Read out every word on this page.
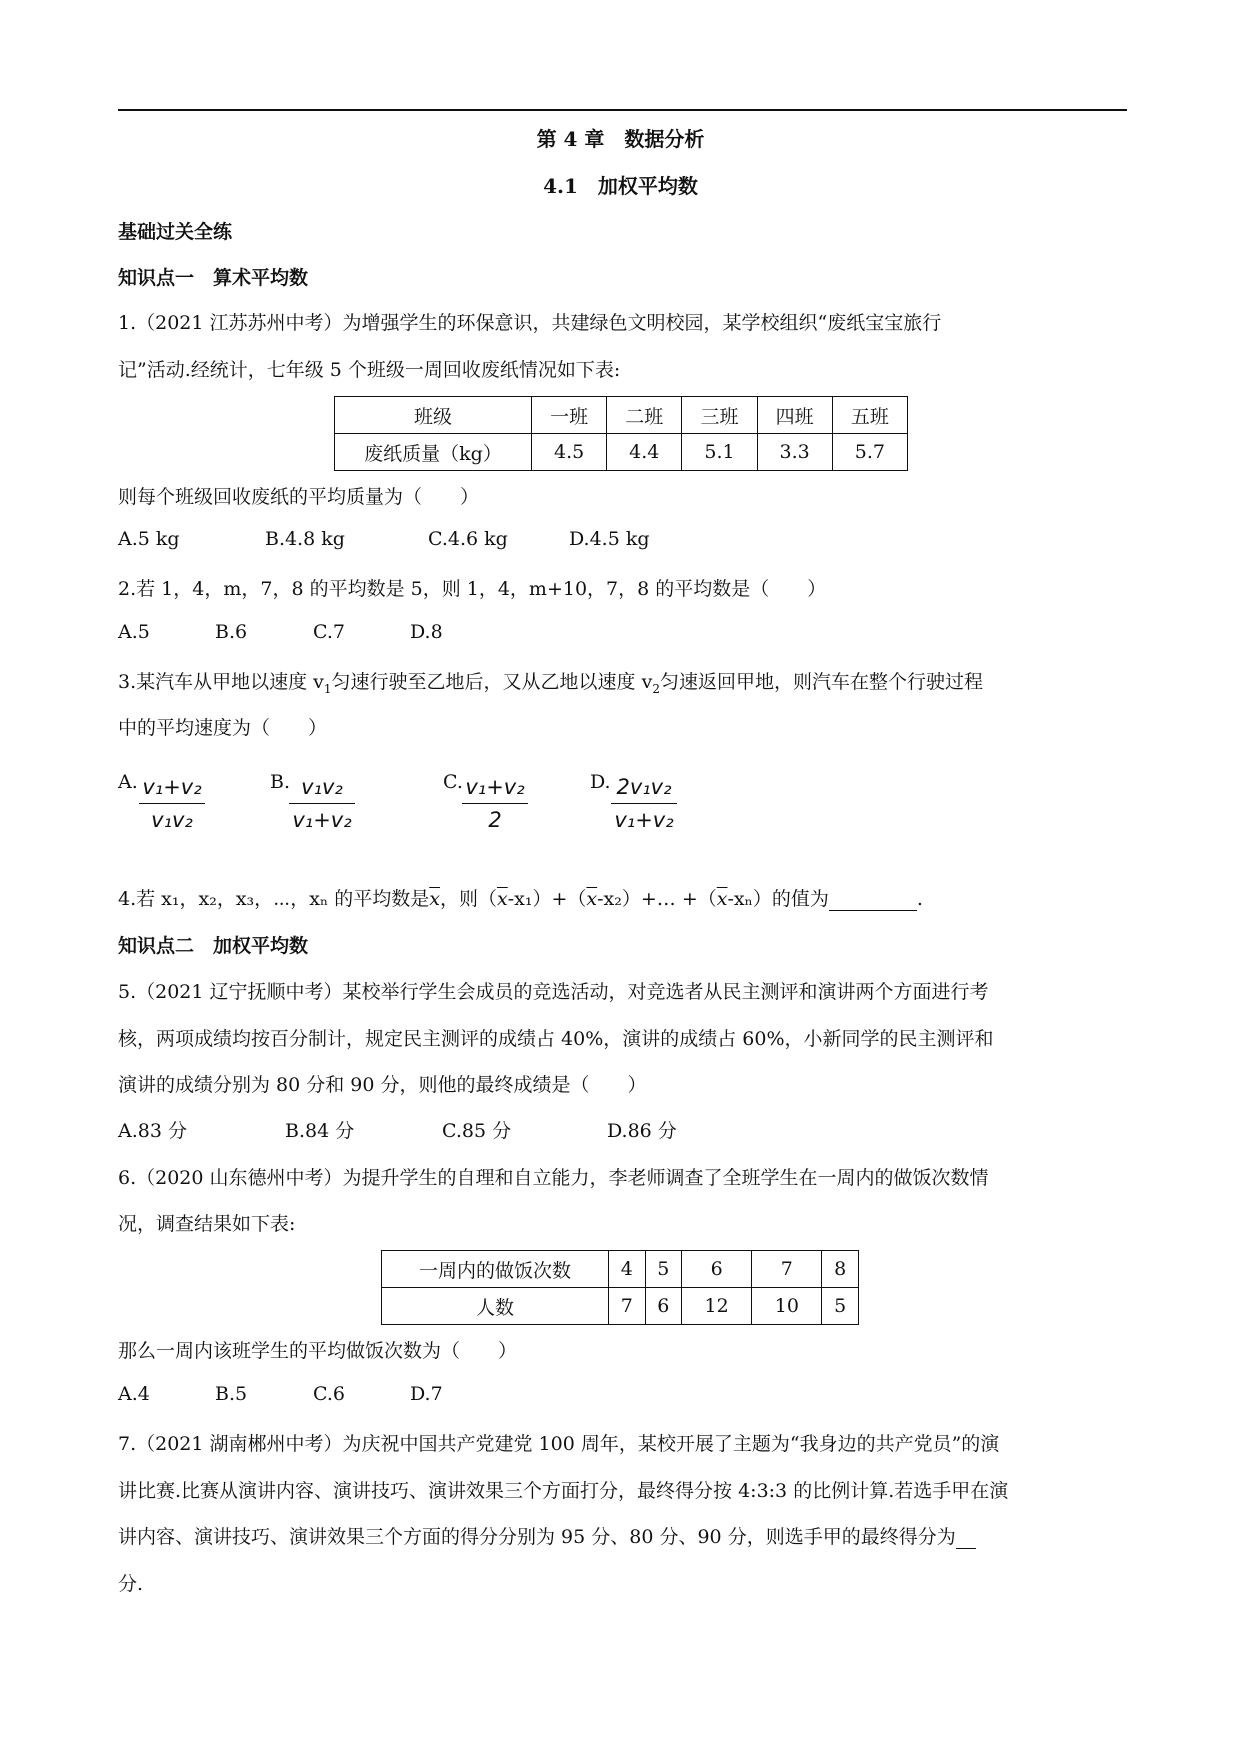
第 4 章　数据分析
4.1　加权平均数
基础过关全练
知识点一　算术平均数
1.（2021 江苏苏州中考）为增强学生的环保意识，共建绿色文明校园，某学校组织“废纸宝宝旅行
记”活动.经统计，七年级 5 个班级一周回收废纸情况如下表:
班级	一班	二班	三班	四班	五班
废纸质量（kg）	4.5	4.4	5.1	3.3	5.7
则每个班级回收废纸的平均质量为（　　）
A.5 kg	B.4.8 kg	C.4.6 kg	D.4.5 kg
2.若 1，4，m，7，8 的平均数是 5，则 1，4，m+10，7，8 的平均数是（　　）
A.5	B.6	C.7	D.8
3.某汽车从甲地以速度 $v_1$匀速行驶至乙地后，又从乙地以速度 $v_2$匀速返回甲地，则汽车在整个行驶过程
中的平均速度为（　　）
A. v₁+v₂
v₁v₂
B. v₁v₂
v₁+v₂
C. v₁+v₂
2
D. 2v₁v₂
v₁+v₂
4.若 x₁，x₂，x₃，⋯，xₙ 的平均数是$\overline{x}$，则$(\overline{x}-x_1)+(\overline{x}-x_2)+\dots +(\overline{x}-x_n)$的值为	.
知识点二　加权平均数
5.（2021 辽宁抚顺中考）某校举行学生会成员的竞选活动，对竞选者从民主测评和演讲两个方面进行考
核，两项成绩均按百分制计，规定民主测评的成绩占 40%，演讲的成绩占 60%，小新同学的民主测评和
演讲的成绩分别为 80 分和 90 分，则他的最终成绩是（　　）
A.83 分	B.84 分	C.85 分	D.86 分
6.（2020 山东德州中考）为提升学生的自理和自立能力，李老师调查了全班学生在一周内的做饭次数情
况，调查结果如下表:
一周内的做饭次数	4	5	6	7	8
人数	7	6	12	10	5
那么一周内该班学生的平均做饭次数为（　　）
A.4	B.5	C.6	D.7
7.（2021 湖南郴州中考）为庆祝中国共产党建党 100 周年，某校开展了主题为“我身边的共产党员”的演
讲比赛.比赛从演讲内容、演讲技巧、演讲效果三个方面打分，最终得分按 4:3:3 的比例计算.若选手甲在演
讲内容、演讲技巧、演讲效果三个方面的得分分别为 95 分、80 分、90 分，则选手甲的最终得分为
分.
